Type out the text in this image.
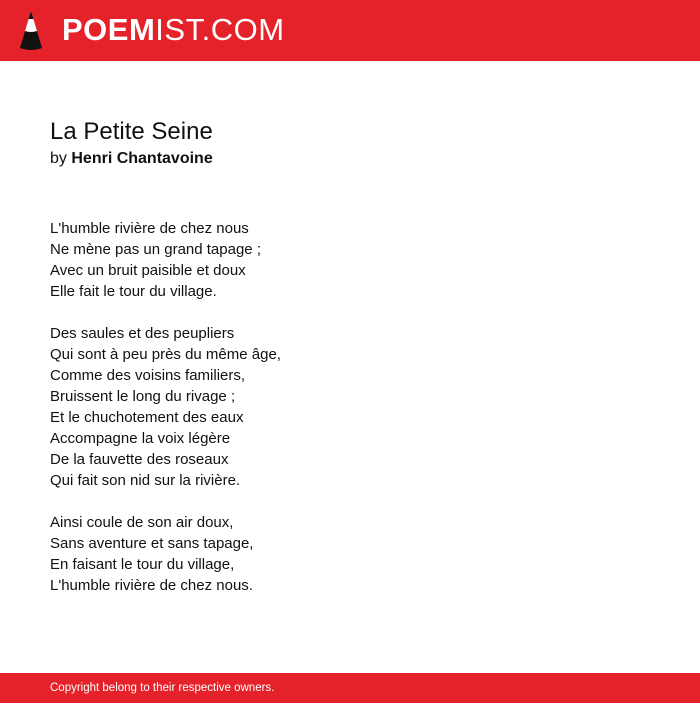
POEMIST.COM
La Petite Seine
by Henri Chantavoine
L'humble rivière de chez nous
Ne mène pas un grand tapage ;
Avec un bruit paisible et doux
Elle fait le tour du village.
Des saules et des peupliers
Qui sont à peu près du même âge,
Comme des voisins familiers,
Bruissent le long du rivage ;
Et le chuchotement des eaux
Accompagne la voix légère
De la fauvette des roseaux
Qui fait son nid sur la rivière.
Ainsi coule de son air doux,
Sans aventure et sans tapage,
En faisant le tour du village,
L'humble rivière de chez nous.
Copyright belong to their respective owners.
